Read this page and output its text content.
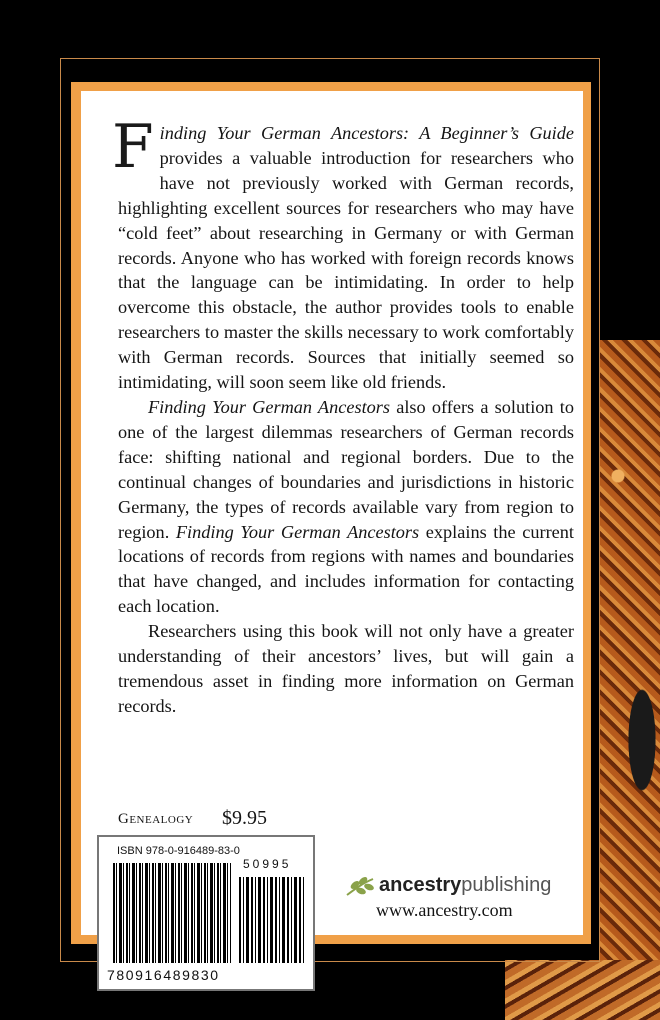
Finding Your German Ancestors: A Beginner’s Guide provides a valuable introduction for researchers who have not previously worked with German records, highlighting excellent sources for researchers who may have “cold feet” about researching in Germany or with German records. Anyone who has worked with foreign records knows that the language can be intimidating. In order to help overcome this obstacle, the author provides tools to enable researchers to master the skills necessary to work comfortably with German records. Sources that initially seemed so intimidating, will soon seem like old friends.

Finding Your German Ancestors also offers a solution to one of the largest dilemmas researchers of German records face: shifting national and regional borders. Due to the continual changes of boundaries and jurisdictions in historic Germany, the types of records available vary from region to region. Finding Your German Ancestors explains the current locations of records from regions with names and boundaries that have changed, and includes information for contacting each location.

Researchers using this book will not only have a greater understanding of their ancestors’ lives, but will gain a tremendous asset in finding more information on German records.

Genealogy $9.95
ISBN 978-0-916489-83-0
50995
780916489830
ancestry publishing
www.ancestry.com
